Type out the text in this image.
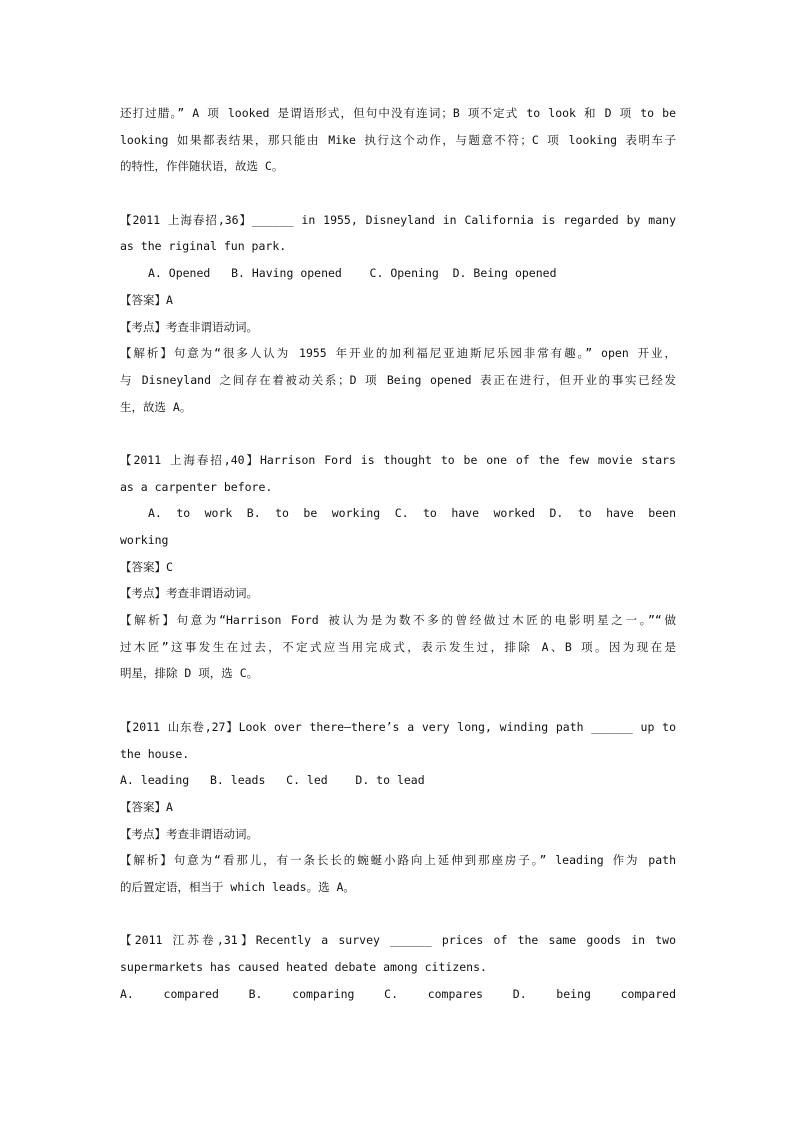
还打过腊。” A 项 looked 是谓语形式，但句中没有连词；B 项不定式 to look 和 D 项 to be
looking 如果都表结果，那只能由 Mike 执行这个动作，与题意不符；C 项 looking 表明车子
的特性，作伴随状语，故选 C。
【2011 上海春招,36】______ in 1955, Disneyland in California is regarded by many
as the riginal fun park.
A. Opened   B. Having opened    C. Opening  D. Being opened
【答案】A
【考点】考查非谓语动词。
【解析】句意为“很多人认为 1955 年开业的加利福尼亚迪斯尼乐园非常有趣。” open 开业，
与 Disneyland 之间存在着被动关系；D 项 Being opened 表正在进行，但开业的事实已经发
生，故选 A。
【2011 上海春招,40】Harrison Ford is thought to be one of the few movie stars
as a carpenter before.
A. to work B. to be working C. to have worked D. to have been
working
【答案】C
【考点】考查非谓语动词。
【解析】句意为“Harrison Ford 被认为是为数不多的曾经做过木匠的电影明星之一。”“做
过木匠”这事发生在过去，不定式应当用完成式，表示发生过，排除 A、B 项。因为现在是
明星，排除 D 项，选 C。
【2011 山东卷,27】Look over there—there’s a very long, winding path ______ up to
the house.
A. leading   B. leads   C. led    D. to lead
【答案】A
【考点】考查非谓语动词。
【解析】句意为“看那儿，有一条长长的蜿蜒小路向上延伸到那座房子。” leading 作为 path
的后置定语，相当于 which leads。选 A。
【2011 江苏卷,31】Recently a survey ______ prices of the same goods in two
supermarkets has caused heated debate among citizens.
A. compared B. comparing C. compares D. being compared
